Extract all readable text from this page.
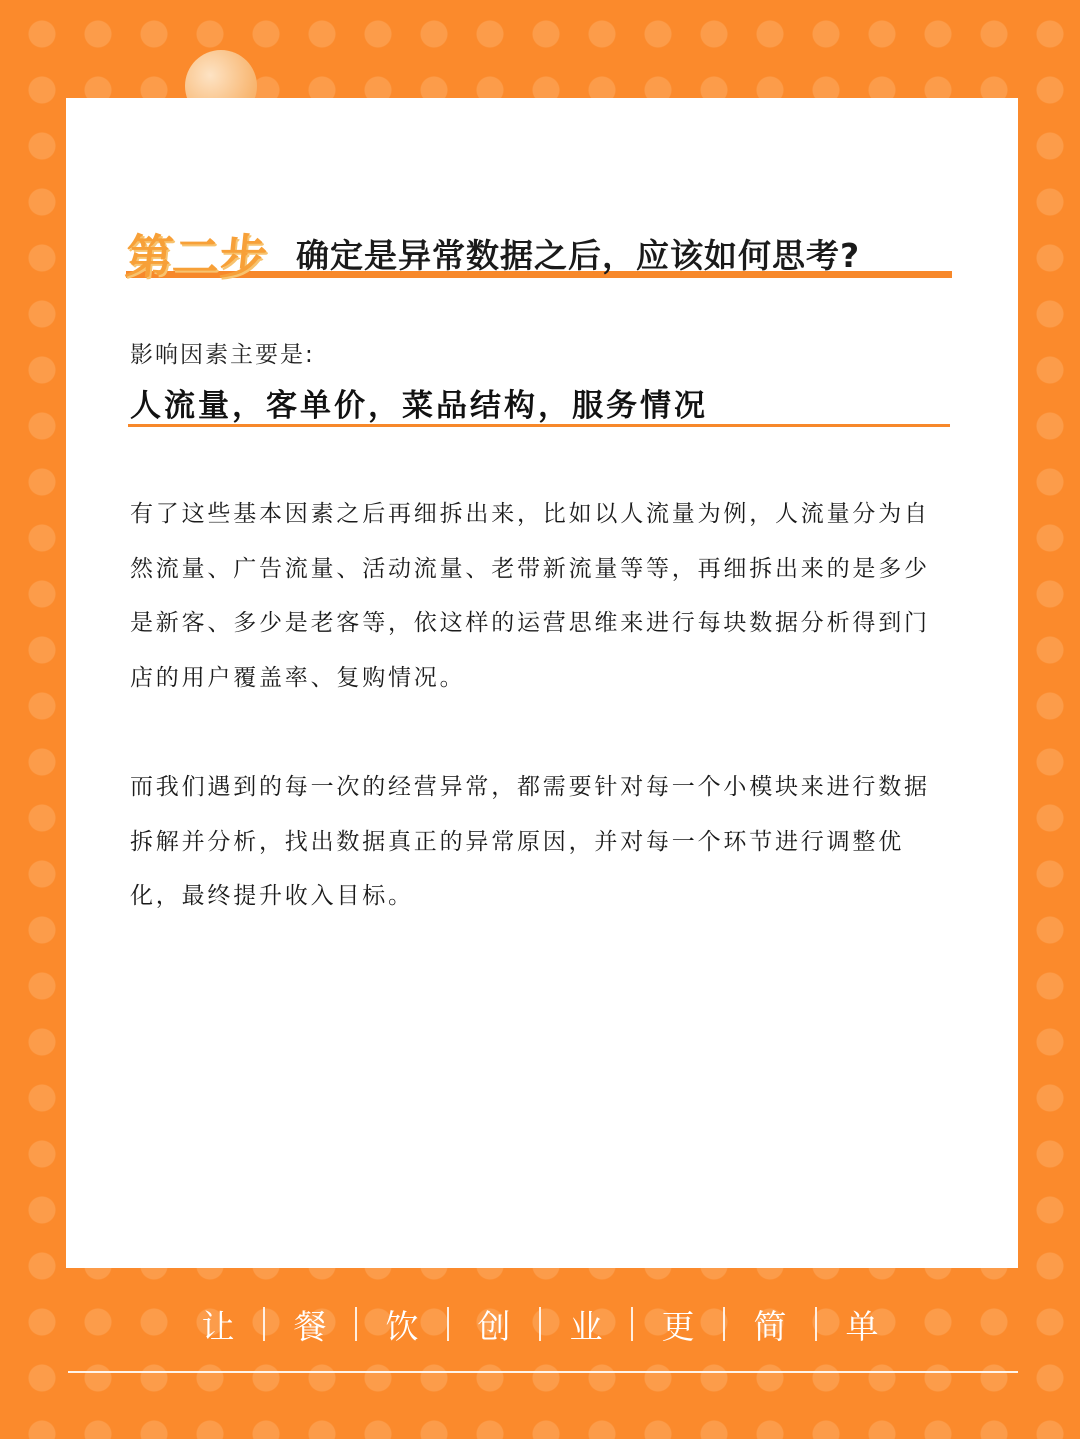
第二步 确定是异常数据之后，应该如何思考?
影响因素主要是:
人流量，客单价，菜品结构，服务情况

有了这些基本因素之后再细拆出来，比如以人流量为例，人流量分为自然流量、广告流量、活动流量、老带新流量等等，再细拆出来的是多少是新客、多少是老客等，依这样的运营思维来进行每块数据分析得到门店的用户覆盖率、复购情况。

而我们遇到的每一次的经营异常，都需要针对每一个小模块来进行数据拆解并分析，找出数据真正的异常原因，并对每一个环节进行调整优化，最终提升收入目标。

让	餐	饮	创	业	更	简	单
